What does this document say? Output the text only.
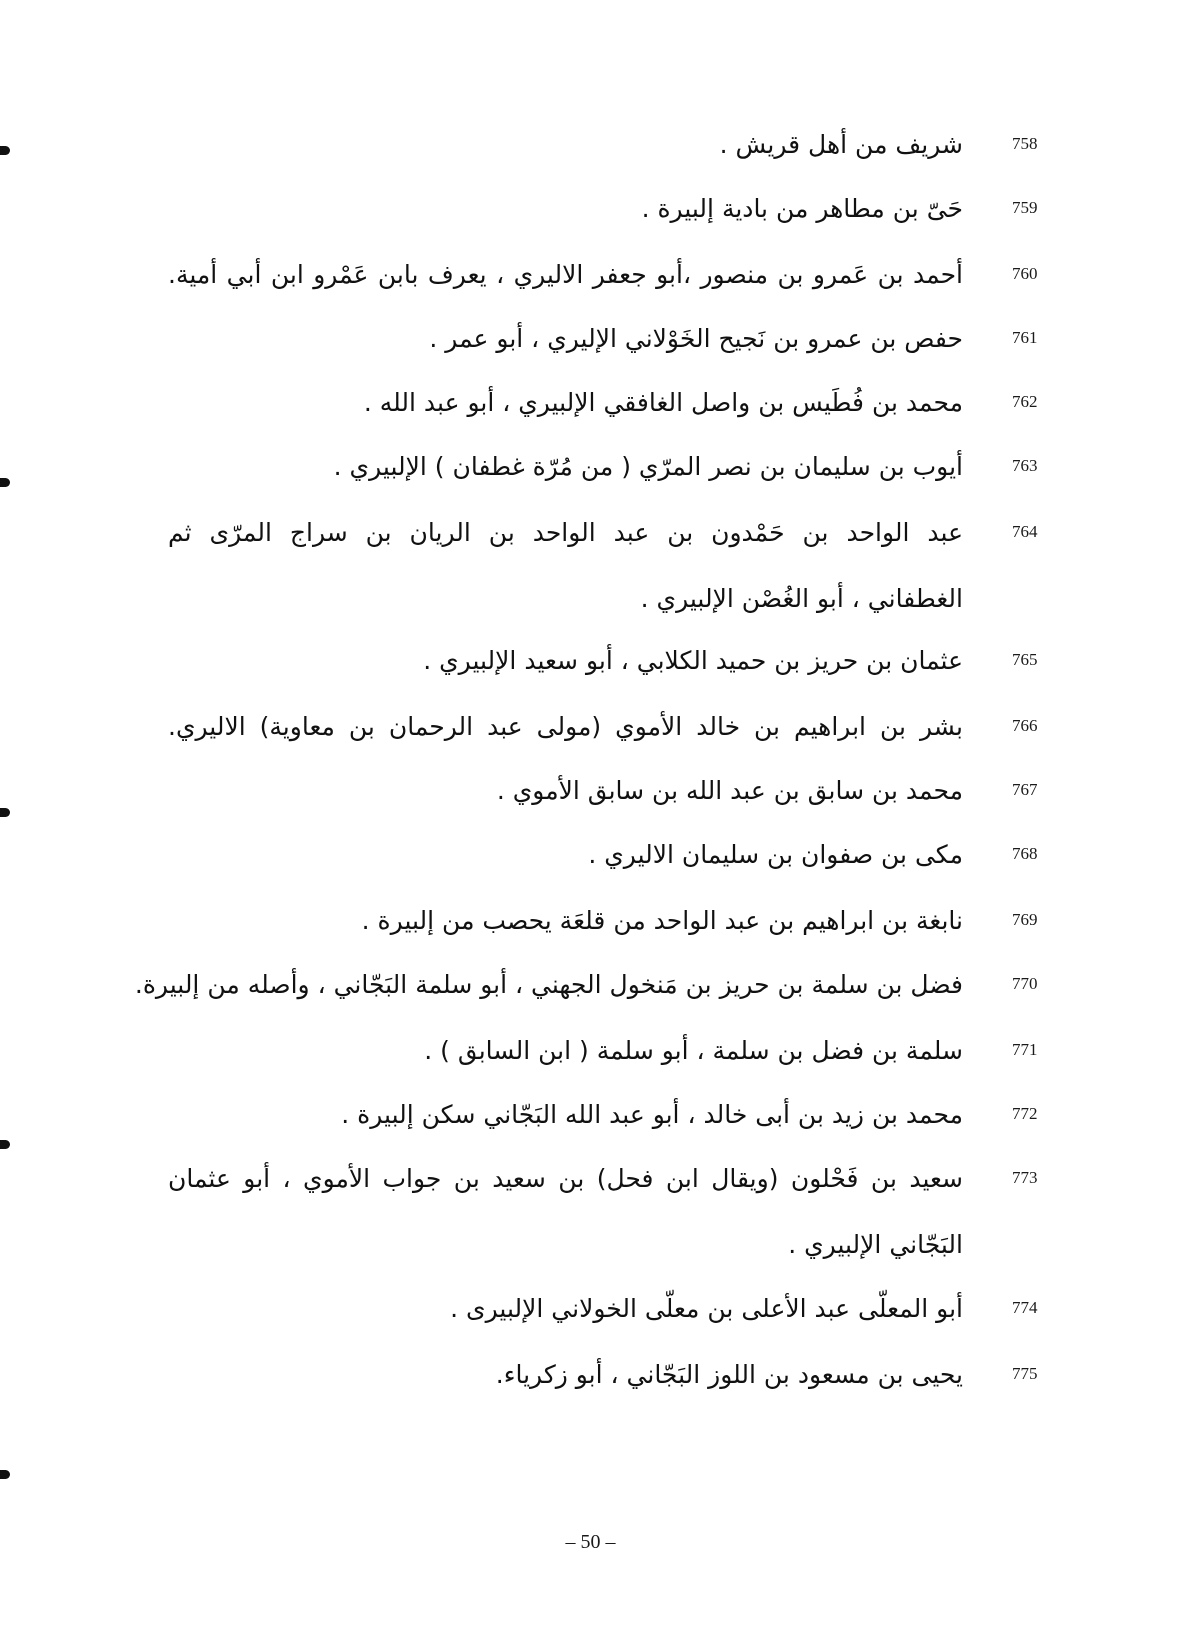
758
شريف من أهل قريش .
759
حَىّ بن مطاهر من بادية إلبيرة .
760
أحمد بن عَمرو بن منصور ،أبو جعفر الاليري ، يعرف بابن عَمْرو ابن أبي أمية.
761
حفص بن عمرو بن نَجيح الخَوْلاني الإليري ، أبو عمر .
762
محمد بن فُطَيس بن واصل الغافقي الإلبيري ، أبو عبد الله .
763
أيوب بن سليمان بن نصر المرّي ( من مُرّة غطفان ) الإلبيري .
764
عبد الواحد بن حَمْدون بن عبد الواحد بن الريان بن سراج المرّى ثم
الغطفاني ، أبو الغُصْن الإلبيري .
765
عثمان بن حريز بن حميد الكلابي ، أبو سعيد الإلبيري .
766
بشر بن ابراهيم بن خالد الأموي (مولى عبد الرحمان بن معاوية) الاليري.
767
محمد بن سابق بن عبد الله بن سابق الأموي .
768
مكى بن صفوان بن سليمان الاليري .
769
نابغة بن ابراهيم بن عبد الواحد من قلعَة يحصب من إلبيرة .
770
فضل بن سلمة بن حريز بن مَنخول الجهني ، أبو سلمة البَجّاني ، وأصله من إلبيرة.
771
سلمة بن فضل بن سلمة ، أبو سلمة ( ابن السابق ) .
772
محمد بن زيد بن أبى خالد ، أبو عبد الله البَجّاني سكن إلبيرة .
773
سعيد بن فَحْلون (ويقال ابن فحل) بن سعيد بن جواب الأموي ، أبو عثمان
البَجّاني الإلبيري .
774
أبو المعلّى عبد الأعلى بن معلّى الخولاني الإلبيرى .
775
يحيى بن مسعود بن اللوز البَجّاني ، أبو زكرياء.
– 50 –
